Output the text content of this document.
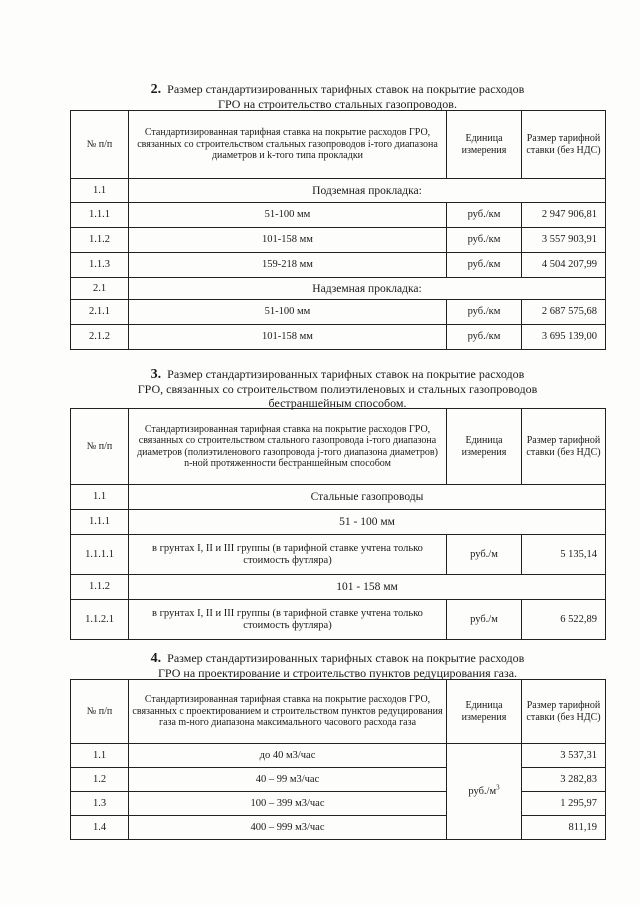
2. Размер стандартизированных тарифных ставок на покрытие расходов
ГРО на строительство стальных газопроводов.
№ п/п	Стандартизированная тарифная ставка на покрытие расходов ГРО, связанных со строительством стальных газопроводов i-того диапазона диаметров и k-того типа прокладки	Единица измерения	Размер тарифной ставки (без НДС)
1.1	Подземная прокладка:		
1.1.1	51-100 мм	руб./км	2 947 906,81
1.1.2	101-158 мм	руб./км	3 557 903,91
1.1.3	159-218 мм	руб./км	4 504 207,99
2.1	Надземная прокладка:		
2.1.1	51-100 мм	руб./км	2 687 575,68
2.1.2	101-158 мм	руб./км	3 695 139,00
3. Размер стандартизированных тарифных ставок на покрытие расходов
ГРО, связанных со строительством полиэтиленовых и стальных газопроводов
бестраншейным способом.
№ п/п	Стандартизированная тарифная ставка на покрытие расходов ГРО, связанных со строительством стального газопровода i-того диапазона диаметров (полиэтиленового газопровода j-того диапазона диаметров) n-ной протяженности бестраншейным способом	Единица измерения	Размер тарифной ставки (без НДС)
1.1	Стальные газопроводы		
1.1.1	51 - 100 мм		
1.1.1.1	в грунтах I, II и III группы (в тарифной ставке учтена только стоимость футляра)	руб./м	5 135,14
1.1.2	101 - 158 мм		
1.1.2.1	в грунтах I, II и III группы (в тарифной ставке учтена только стоимость футляра)	руб./м	6 522,89
4. Размер стандартизированных тарифных ставок на покрытие расходов
ГРО на проектирование и строительство пунктов редуцирования газа.
№ п/п	Стандартизированная тарифная ставка на покрытие расходов ГРО, связанных с проектированием и строительством пунктов редуцирования газа m-ного диапазона максимального часового расхода газа	Единица измерения	Размер тарифной ставки (без НДС)
1.1	до 40 м3/час	$руб./м^3$	3 537,31
1.2	40 – 99 м3/час		3 282,83
1.3	100 – 399 м3/час		1 295,97
1.4	400 – 999 м3/час		811,19
